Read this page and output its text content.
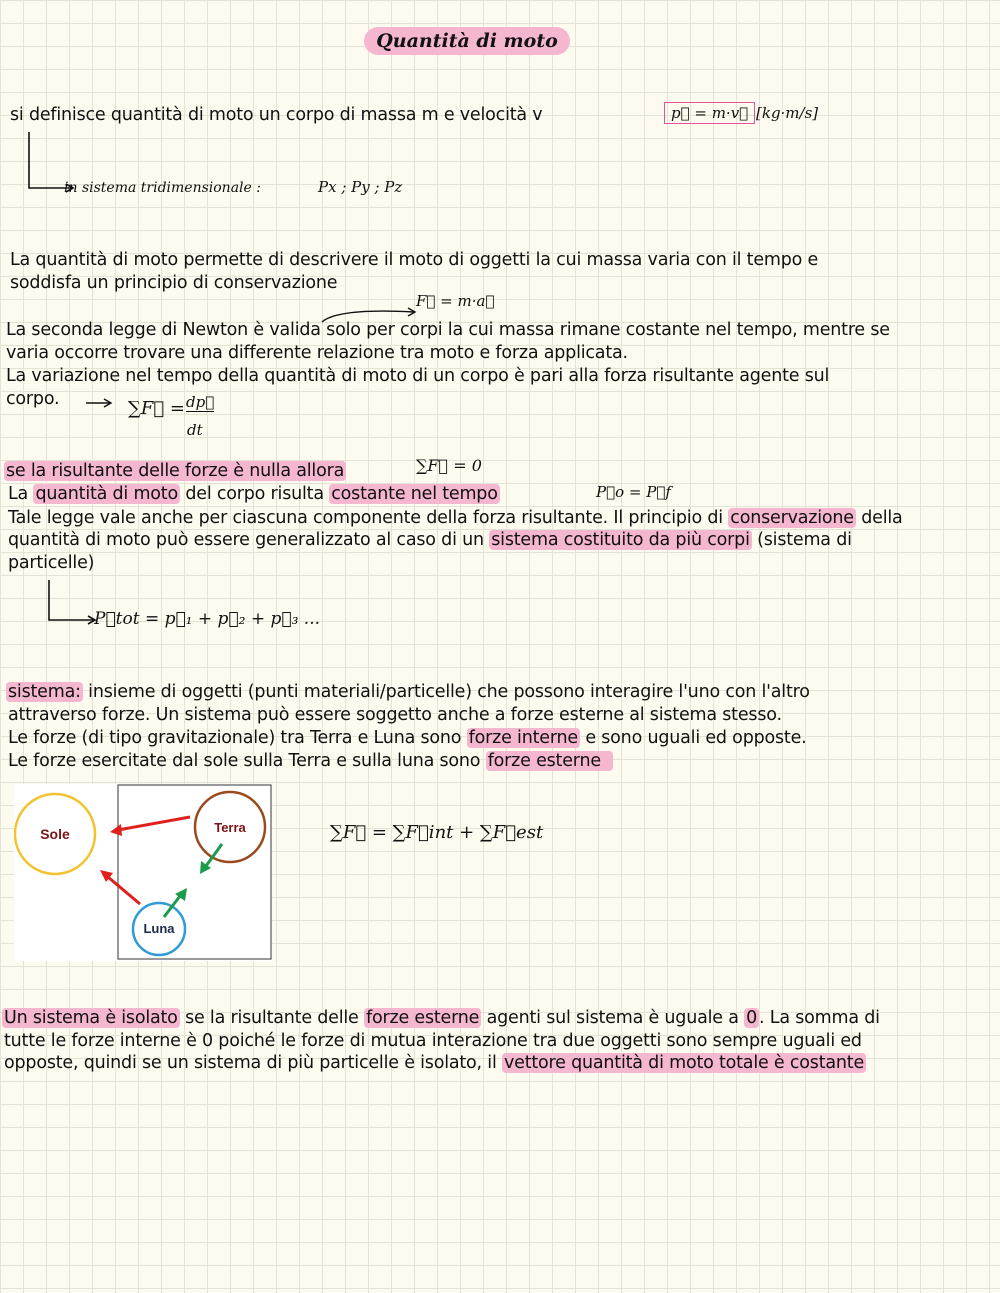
Quantità di moto
si definisce quantità di moto un corpo di massa m e velocità v	p⃗ = m·v⃗ [kg·m/s]
in sistema tridimensionale :	Px ; Py ; Pz
La quantità di moto permette di descrivere il moto di oggetti la cui massa varia con il tempo e
soddisfa un principio di conservazione
F⃗ = m·a⃗
La seconda legge di Newton è valida solo per corpi la cui massa rimane costante nel tempo, mentre se
varia occorre trovare una differente relazione tra moto e forza applicata.
La variazione nel tempo della quantità di moto di un corpo è pari alla forza risultante agente sul
corpo.	∑F⃗ = dp⃗
dt
se la risultante delle forze è nulla allora	∑F⃗ = 0
La quantità di moto del corpo risulta costante nel tempo	P⃗o = P⃗f
Tale legge vale anche per ciascuna componente della forza risultante. Il principio di conservazione della
quantità di moto può essere generalizzato al caso di un sistema costituito da più corpi (sistema di
particelle)
P⃗tot = p⃗₁ + p⃗₂ + p⃗₃ ...
sistema: insieme di oggetti (punti materiali/particelle) che possono interagire l'uno con l'altro
attraverso forze. Un sistema può essere soggetto anche a forze esterne al sistema stesso.
Le forze (di tipo gravitazionale) tra Terra e Luna sono forze interne e sono uguali ed opposte.
Le forze esercitate dal sole sulla Terra e sulla luna sono forze esterne
Sole	Terra
Luna
∑F⃗ = ∑F⃗int + ∑F⃗est
Un sistema è isolato se la risultante delle forze esterne agenti sul sistema è uguale a 0 . La somma di
tutte le forze interne è 0 poiché le forze di mutua interazione tra due oggetti sono sempre uguali ed
opposte, quindi se un sistema di più particelle è isolato, il vettore quantità di moto totale è costante
